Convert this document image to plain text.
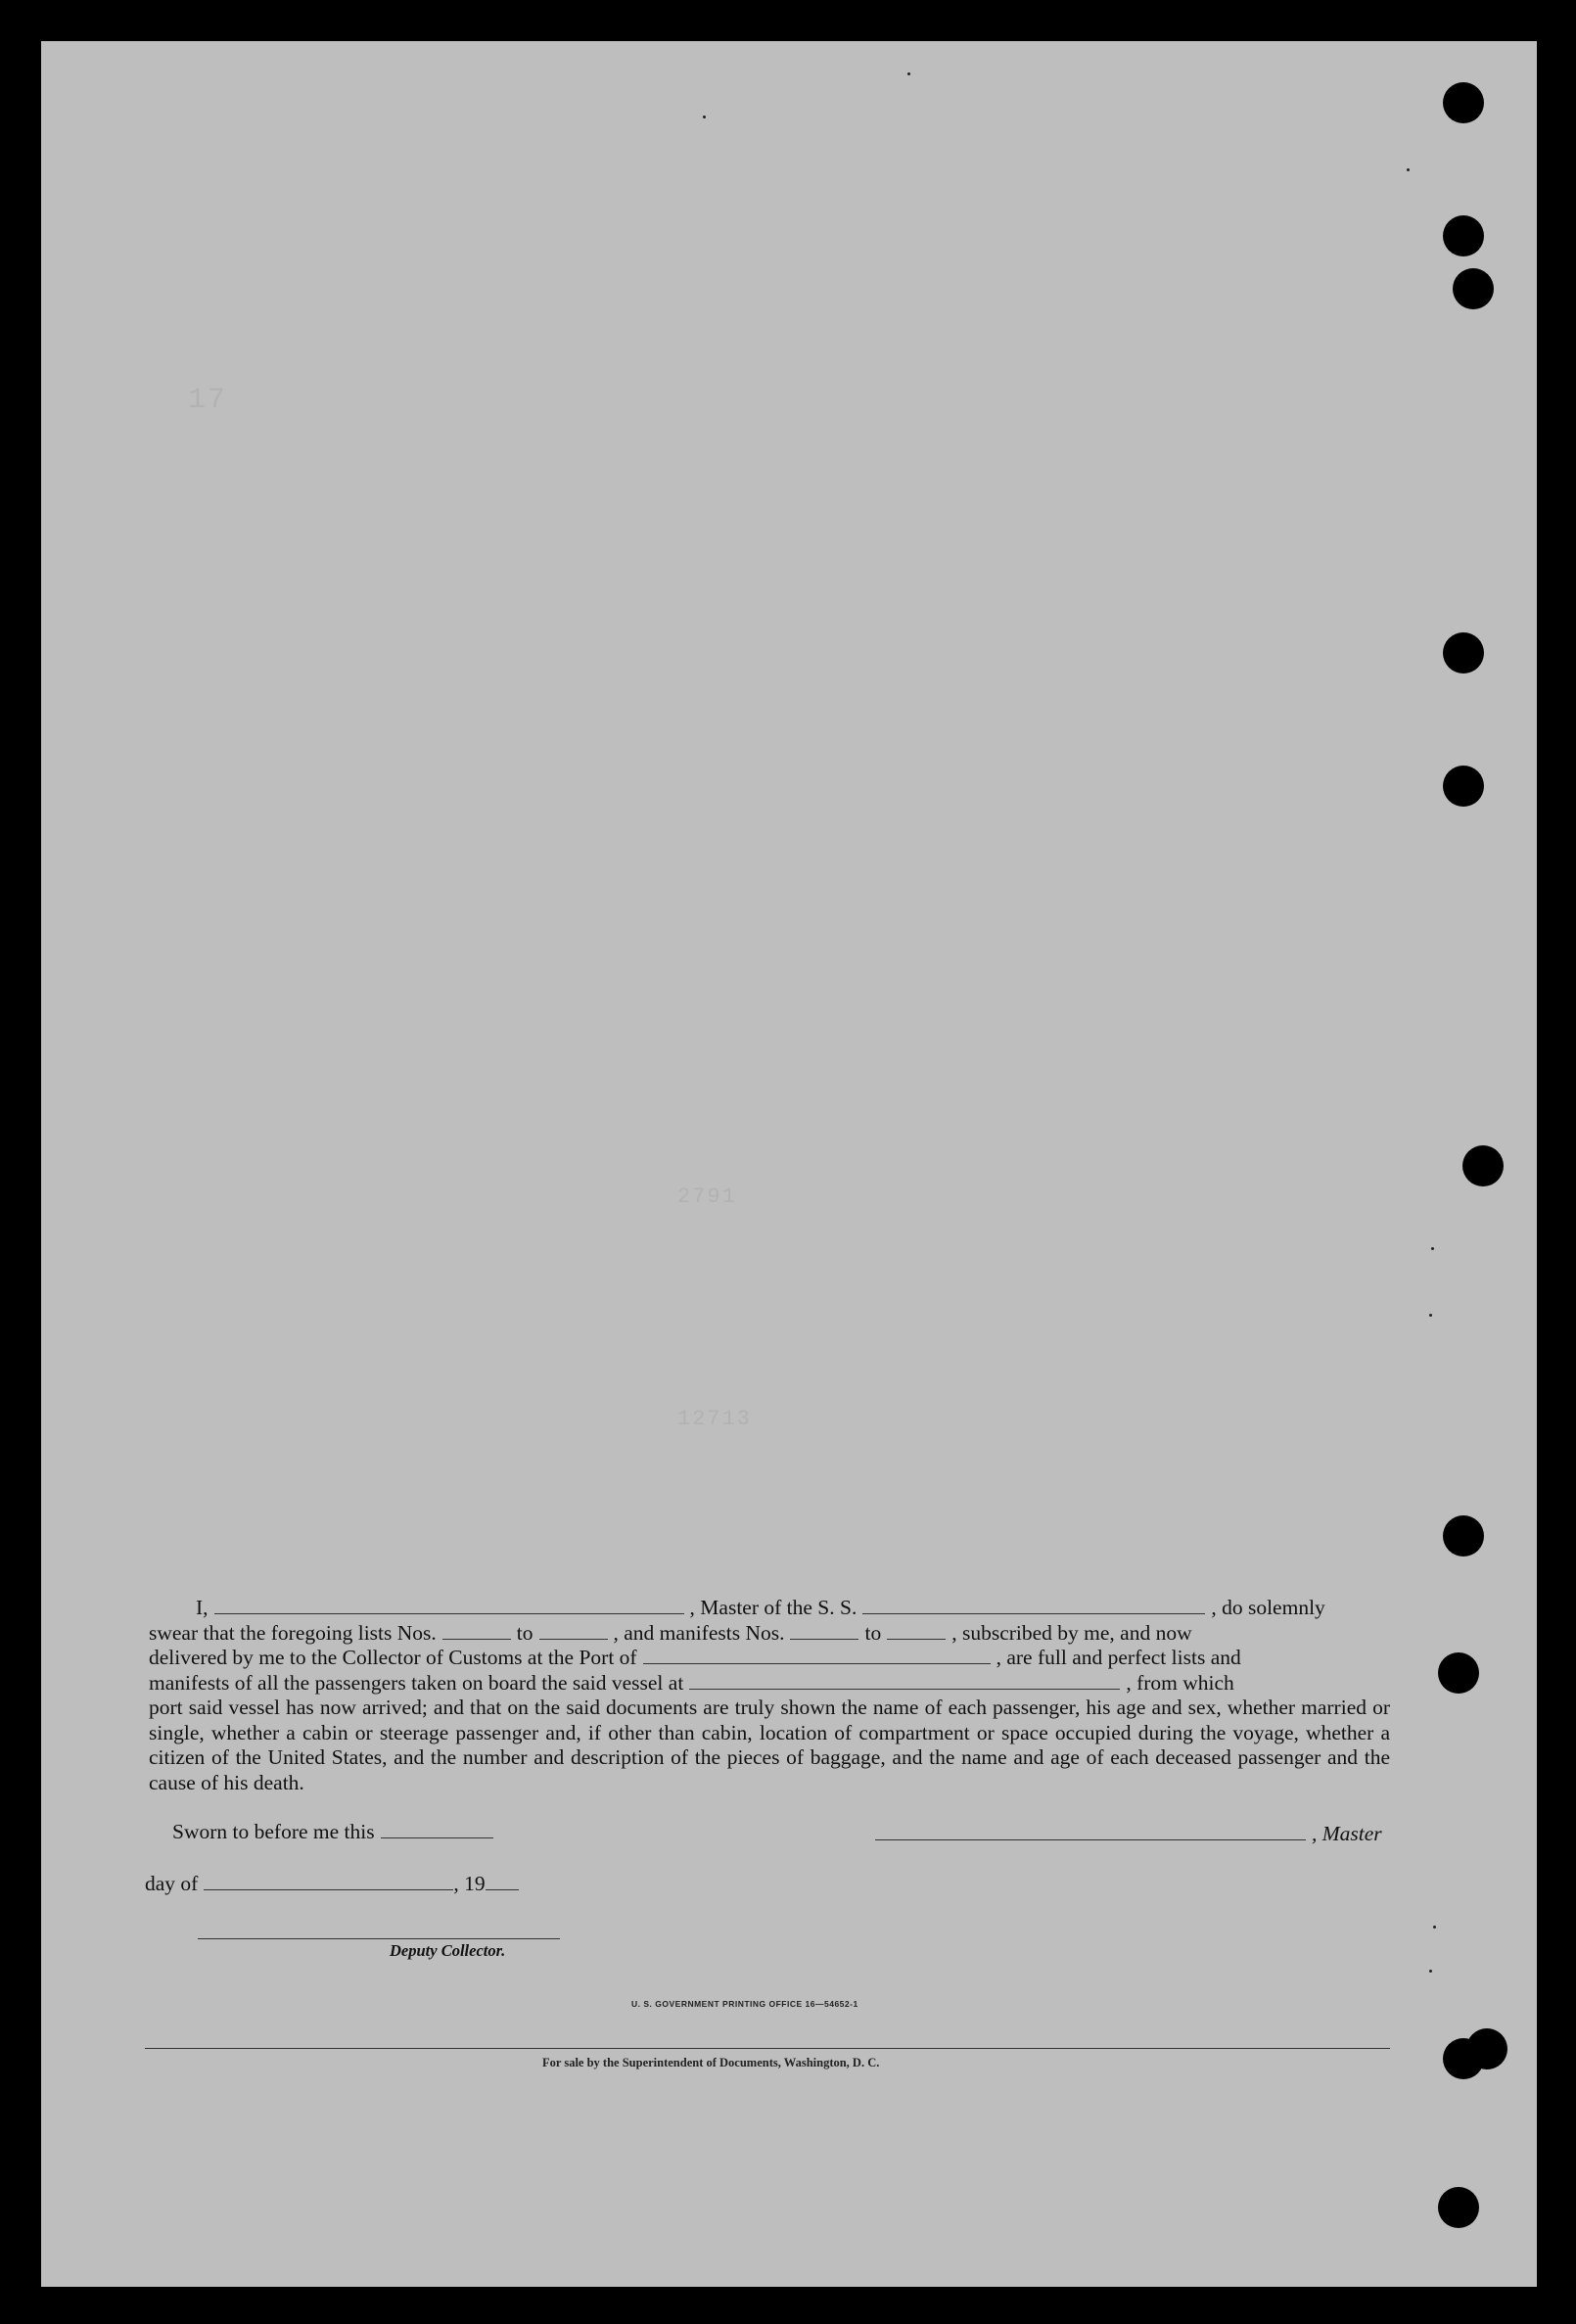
17
2791
12713
I,	, Master of the S. S.	, do solemnly
swear that the foregoing lists Nos.	to	, and manifests Nos.	to	, subscribed by me, and now
delivered by me to the Collector of Customs at the Port of	, are full and perfect lists and
manifests of all the passengers taken on board the said vessel at	, from which
port said vessel has now arrived; and that on the said documents are truly shown the name of each passenger, his age and sex, whether married or single, whether a cabin or steerage passenger and, if other than cabin, location of compartment or space occupied during the voyage, whether a citizen of the United States, and the number and description of the pieces of baggage, and the name and age of each deceased passenger and the cause of his death.
Sworn to before me this	, Master
day of	, 19
Deputy Collector.
U. S. GOVERNMENT PRINTING OFFICE 16—54652-1
For sale by the Superintendent of Documents, Washington, D. C.
